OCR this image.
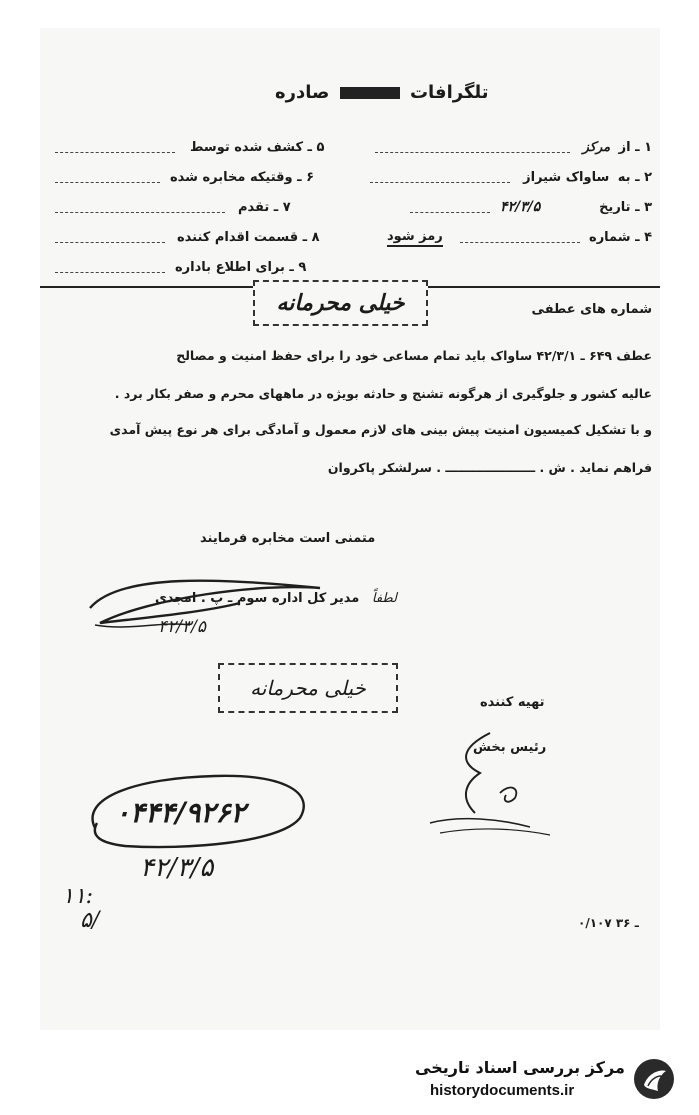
تلگرافات  صادره
۱ ـ از مرکز
۲ ـ به ساواک شیراز
۳ ـ تاریخ
۴۲/۳/۵
۴ ـ شماره
رمز شود
۵ ـ کشف شده توسط
۶ ـ وقتیکه مخابره شده
۷ ـ تقدم
۸ ـ قسمت اقدام کننده
۹ ـ برای اطلاع باداره
خیلی محرمانه	شماره های عطفی
عطف ۶۴۹ ـ ۴۲/۳/۱ ساواک باید تمام مساعی خود را برای حفظ امنیت و مصالح
عالیه کشور و جلوگیری از هرگونه تشنج و حادثه بویژه در ماههای محرم و صفر بکار برد .
و با تشکیل کمیسیون امنیت پیش بینی های لازم معمول و آمادگی برای هر نوع پیش آمدی
فراهم نماید . ش . ـــــــــــــــــــــ . سرلشکر پاکروان
متمنی است مخابره فرمایند
لطفاً مدیر کل اداره سوم ـ پ . امجدی
۴۲/۳/۵
خیلی محرمانه
تهیه کننده
رئیس بخش
۰۴۴۴/۹۲۶۲
۴۲/۳/۵
۱۱:
۵/	۰/۱۰۷ ـ ۳۶
مرکز بررسی اسناد تاریخی
historydocuments.ir
